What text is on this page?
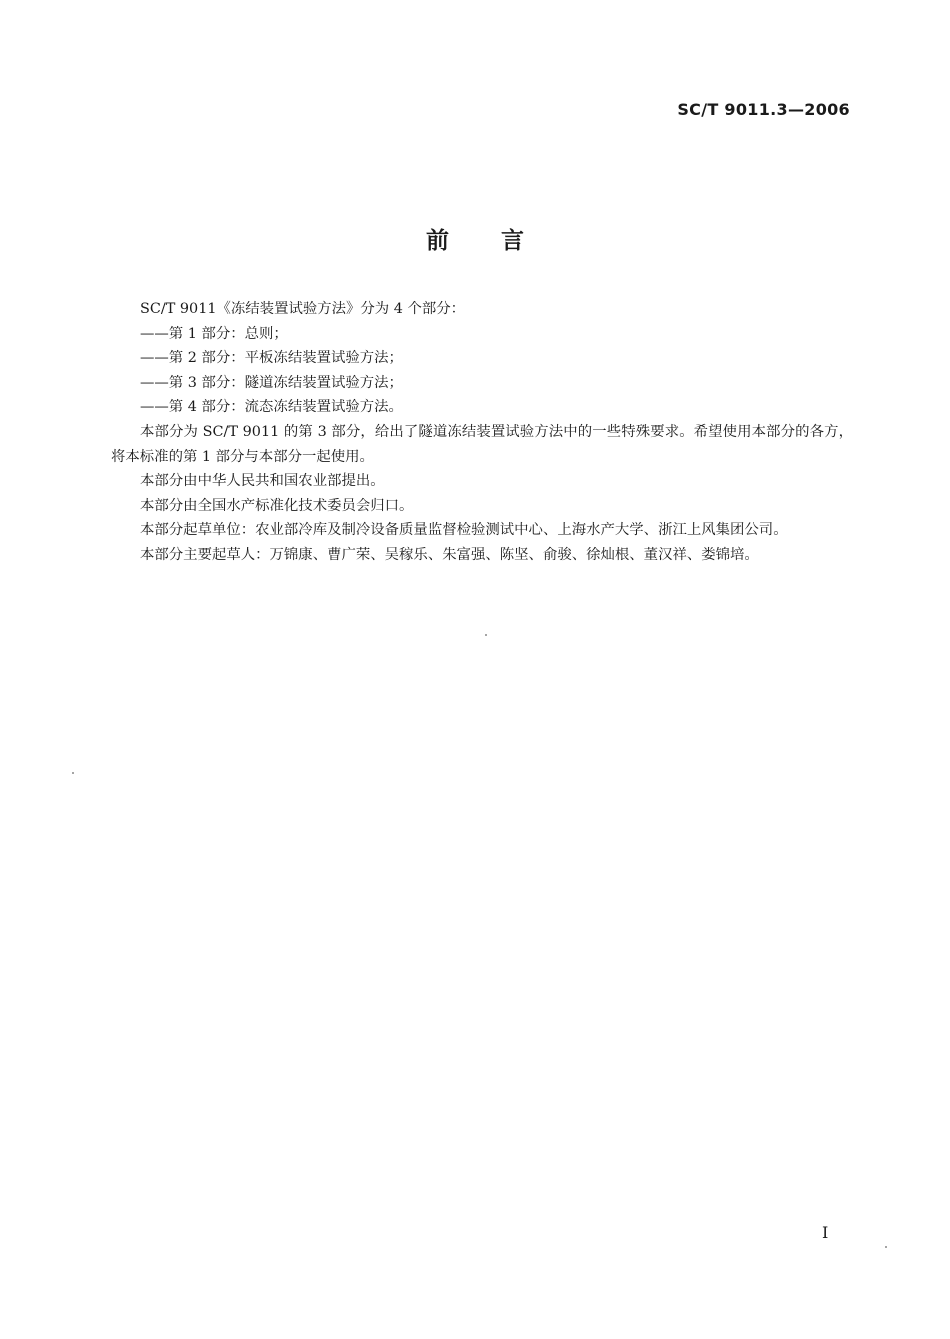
SC/T 9011.3—2006
前言

SC/T 9011《冻结装置试验方法》分为 4 个部分：

——第 1 部分：总则；

——第 2 部分：平板冻结装置试验方法；

——第 3 部分：隧道冻结装置试验方法；

——第 4 部分：流态冻结装置试验方法。

本部分为 SC/T 9011 的第 3 部分，给出了隧道冻结装置试验方法中的一些特殊要求。希望使用本部分的各方，将本标准的第 1 部分与本部分一起使用。

本部分由中华人民共和国农业部提出。

本部分由全国水产标准化技术委员会归口。

本部分起草单位：农业部冷库及制冷设备质量监督检验测试中心、上海水产大学、浙江上风集团公司。

本部分主要起草人：万锦康、曹广荣、吴稼乐、朱富强、陈坚、俞骏、徐灿根、董汉祥、娄锦培。

I
